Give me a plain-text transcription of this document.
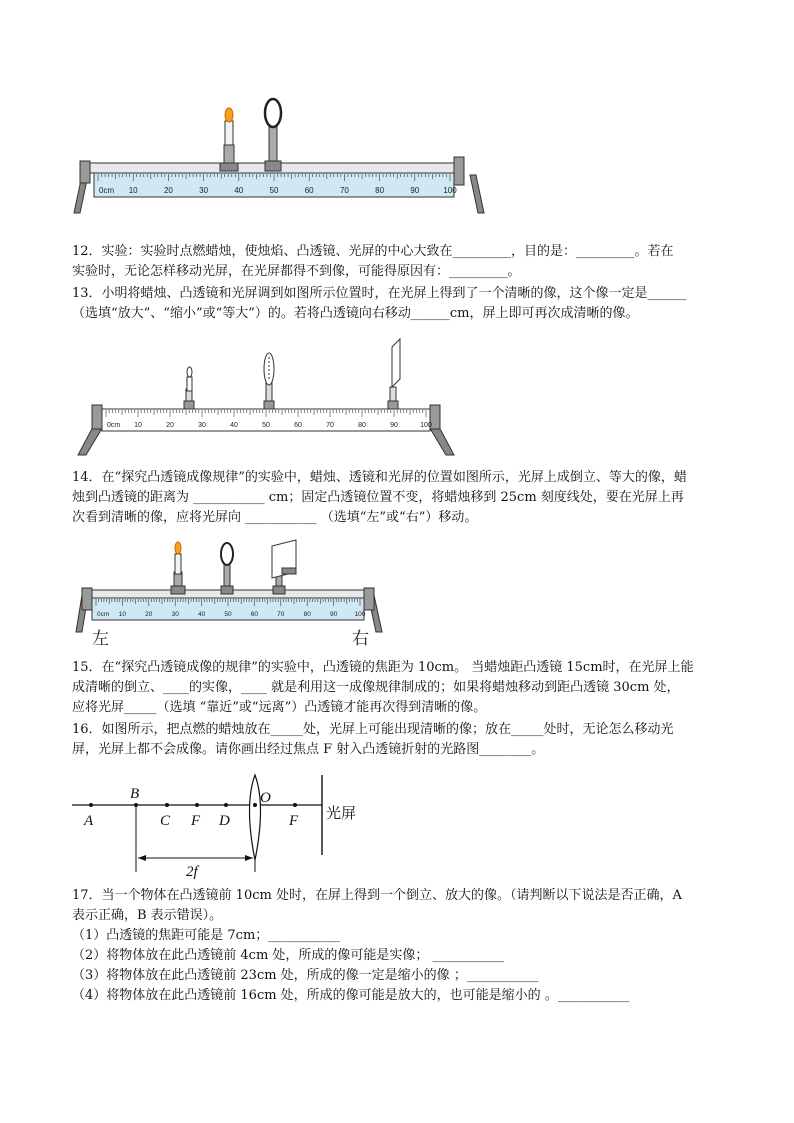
0cm 10	20	30	40	50	60	70	80	90	100
12．实验：实验时点燃蜡烛，使烛焰、凸透镜、光屏的中心大致在_________，目的是：_________。若在
实验时，无论怎样移动光屏，在光屏都得不到像，可能得原因有：_________。
13．小明将蜡烛、凸透镜和光屏调到如图所示位置时，在光屏上得到了一个清晰的像，这个像一定是______
（选填“放大”、“缩小”或“等大”）的。若将凸透镜向右移动______cm，屏上即可再次成清晰的像。
0cm 10	20	30	40	50	60	70	80	90	100
14．在“探究凸透镜成像规律”的实验中，蜡烛、透镜和光屏的位置如图所示，光屏上成倒立、等大的像，蜡
烛到凸透镜的距离为 ___________ cm；固定凸透镜位置不变，将蜡烛移到 25cm 刻度线处，要在光屏上再
次看到清晰的像，应将光屏向 ___________ （选填“左”或“右”）移动。
0cm 10	20	30	40	50	60	70	80	90	100
左	右
15．在“探究凸透镜成像的规律”的实验中，凸透镜的焦距为 10cm。 当蜡烛距凸透镜 15cm时，在光屏上能
成清晰的倒立、____的实像，____ 就是利用这一成像规律制成的；如果将蜡烛移动到距凸透镜 30cm 处，
应将光屏_____（选填 “靠近”或“远离”）凸透镜才能再次得到清晰的像。
16．如图所示，把点燃的蜡烛放在_____处，光屏上可能出现清晰的像；放在_____处时，无论怎么移动光
屏，光屏上都不会成像。请你画出经过焦点 F 射入凸透镜折射的光路图________。
A
B
C F D
O
F 光屏
2f
17．当一个物体在凸透镜前 10cm 处时，在屏上得到一个倒立、放大的像。（请判断以下说法是否正确，A
表示正确，B 表示错误）。
（1）凸透镜的焦距可能是 7cm；___________
（2）将物体放在此凸透镜前 4cm 处，所成的像可能是实像； ___________
（3）将物体放在此凸透镜前 23cm 处，所成的像一定是缩小的像 ；___________
（4）将物体放在此凸透镜前 16cm 处，所成的像可能是放大的，也可能是缩小的 。___________
